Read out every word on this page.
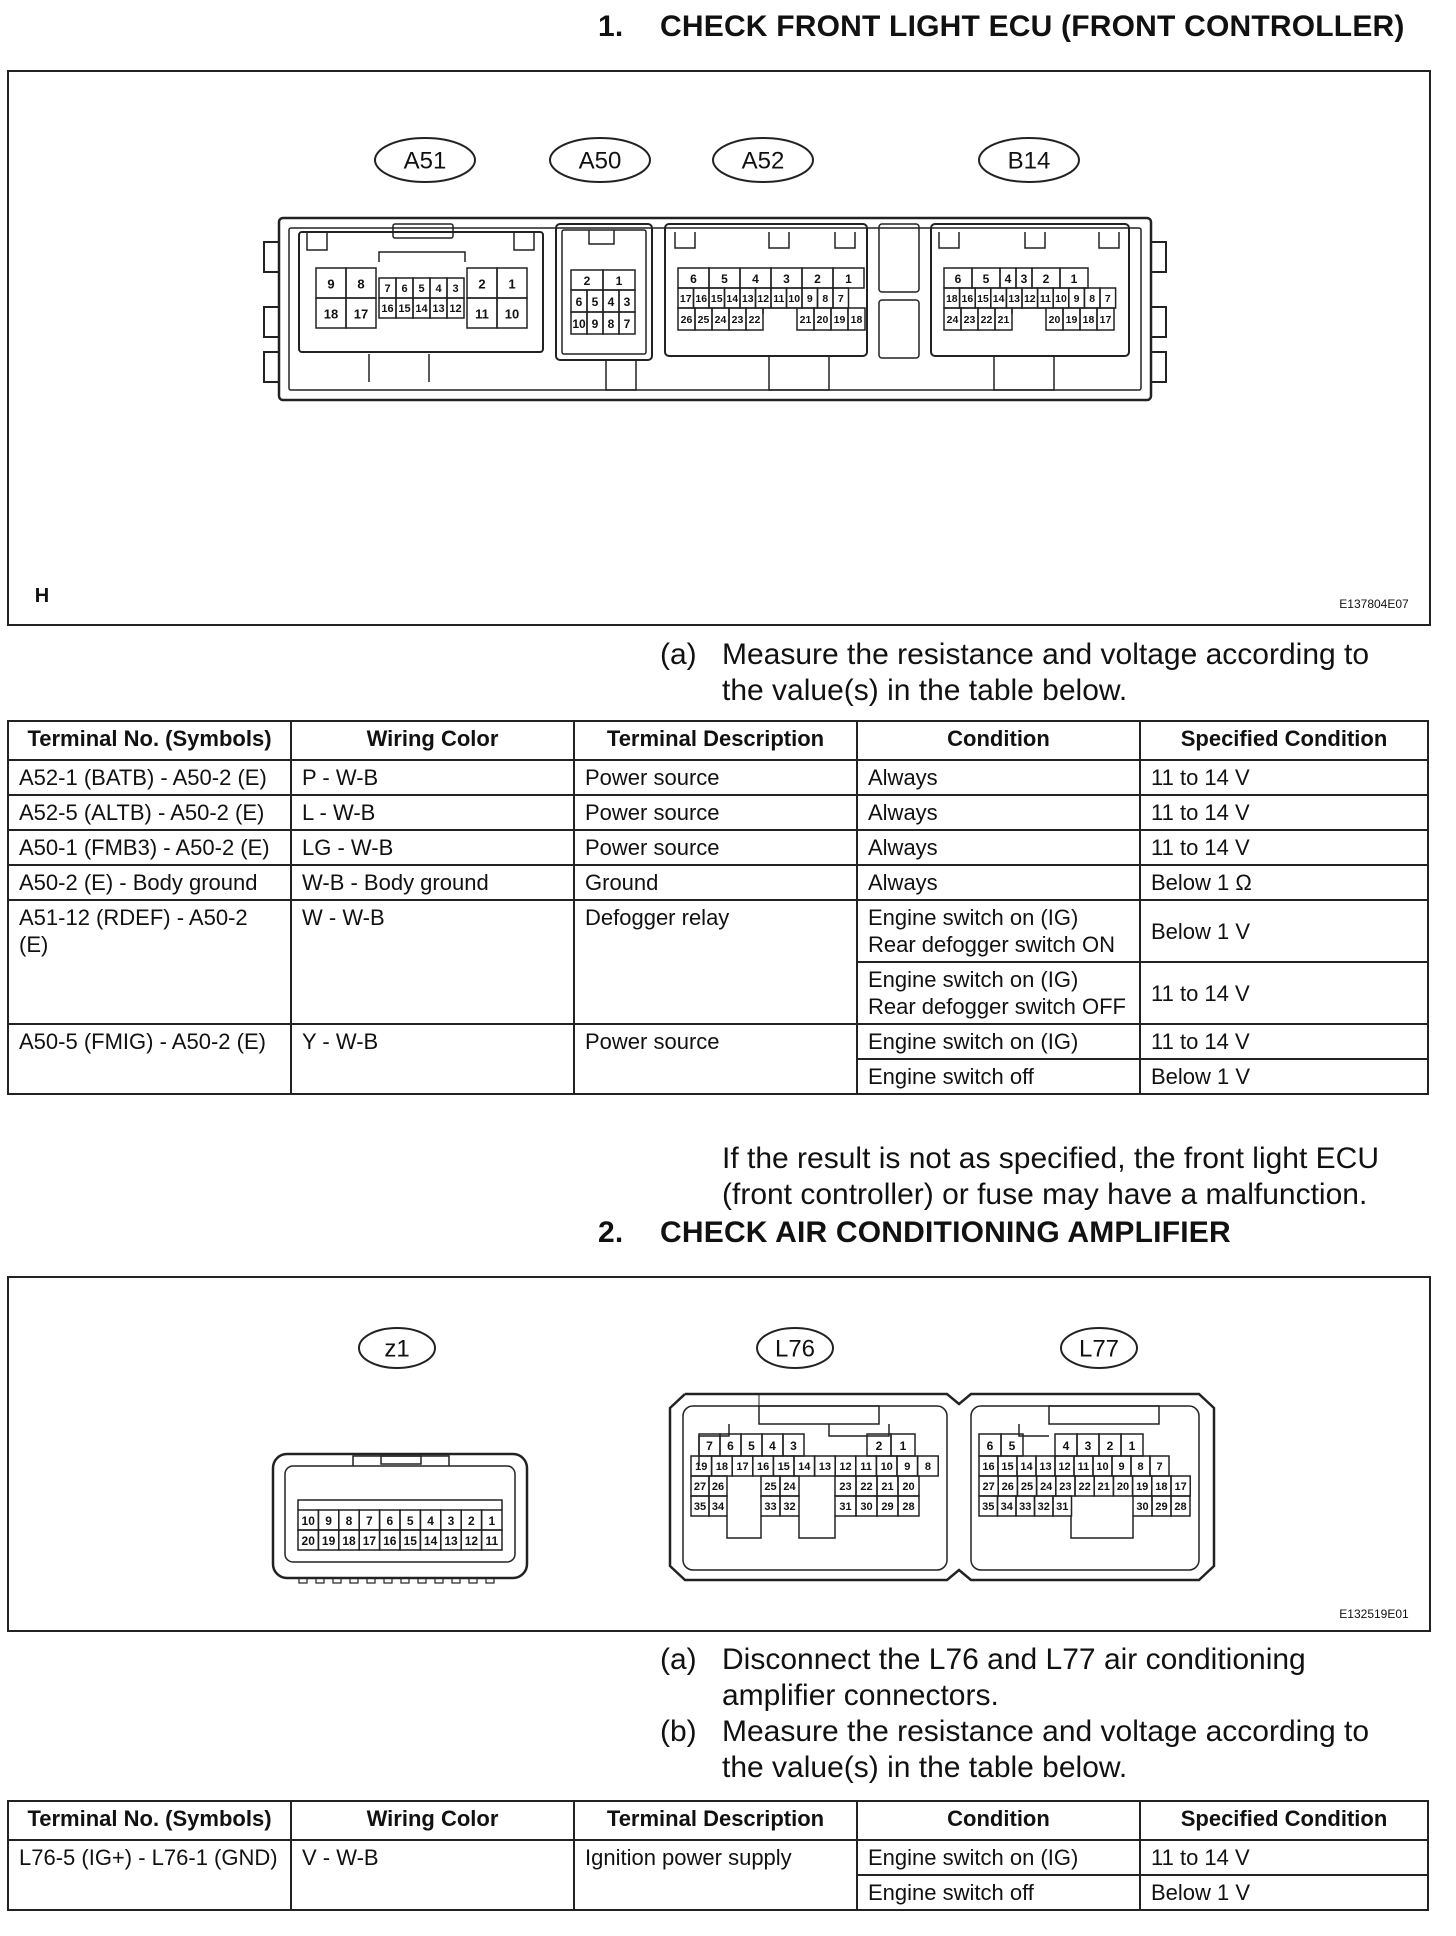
1. CHECK FRONT LIGHT ECU (FRONT CONTROLLER)
A51	A50	A52	B14
9 8 7 6 5 4 3 2 1
18 17 16 15 14 13 12 11 10
2 1
6 5 4 3
10 9 8 7
6 5 4 3 2 1
17 16 15 14 13 12 11 10 9 8 7
26 25 24 23 22	21 20 19 18
6 5 4 3 2 1
18 16 15 14 13 12 11 10 9 8 7
24 23 22 21	20 19 18 17
H	E137804E07
(a) Measure the resistance and voltage according to
the value(s) in the table below.
Terminal No. (Symbols)	Wiring Color	Terminal Description	Condition	Specified Condition
A52-1 (BATB) - A50-2 (E)	P - W-B	Power source	Always	11 to 14 V
A52-5 (ALTB) - A50-2 (E)	L - W-B	Power source	Always	11 to 14 V
A50-1 (FMB3) - A50-2 (E)	LG - W-B	Power source	Always	11 to 14 V
A50-2 (E) - Body ground	W-B - Body ground	Ground	Always	Below 1 Ω
A51-12 (RDEF) - A50-2 (E)	W - W-B	Defogger relay	Engine switch on (IG)
Rear defogger switch ON	Below 1 V

			Engine switch on (IG)
Rear defogger switch OFF	11 to 14 V
A50-5 (FMIG) - A50-2 (E)	Y - W-B	Power source	Engine switch on (IG)	11 to 14 V
			Engine switch off	Below 1 V
If the result is not as specified, the front light ECU
(front controller) or fuse may have a malfunction.
2. CHECK AIR CONDITIONING AMPLIFIER
z1	L76	L77
10 9 8 7 6 5 4 3 2 1
20 19 18 17 16 15 14 13 12 11
7 6 5 4 3	2 1
19 18 17 16 15 14 13 12 11 10 9 8
27 26	25 24	23 22 21 20
35 34	33 32	31 30 29 28
6 5	4 3 2 1
16 15 14 13 12 11 10 9 8 7
27 26 25 24 23 22 21 20 19 18 17
35 34 33 32 31	30 29 28
E132519E01
(a) Disconnect the L76 and L77 air conditioning
amplifier connectors.
(b) Measure the resistance and voltage according to
the value(s) in the table below.
Terminal No. (Symbols)	Wiring Color	Terminal Description	Condition	Specified Condition
L76-5 (IG+) - L76-1 (GND)	V - W-B	Ignition power supply	Engine switch on (IG)	11 to 14 V
			Engine switch off	Below 1 V
